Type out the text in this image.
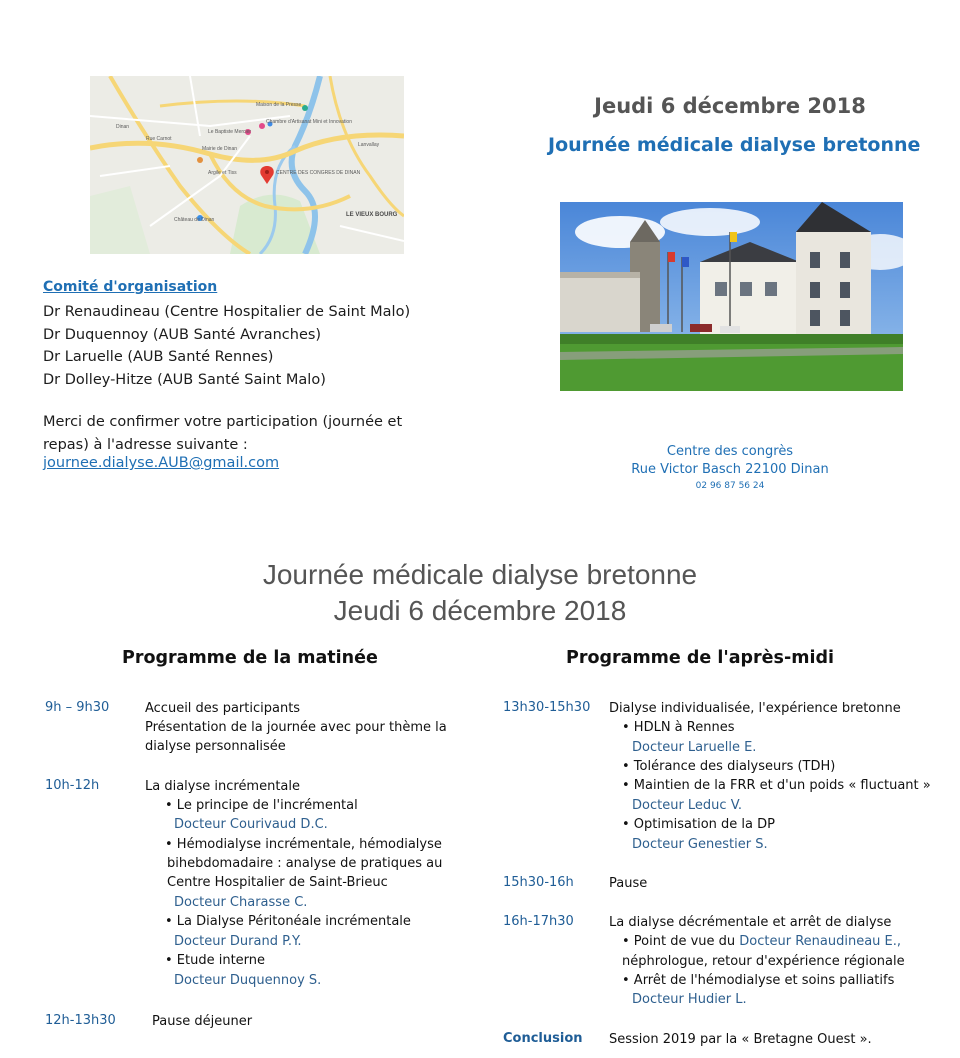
Maison de la Presse
Chambre d'Artisanat Mini et Innovation
Le Baptiste Mercier
Mairie de Dinan
Argile et Tiss	CENTRE DES CONGRES DE DINAN
Château de Dinan
LE VIEUX BOURG
Lanvallay
Dinan
Rue Carnot
Jeudi 6 décembre 2018
Journée médicale dialyse bretonne
Comité d'organisation
Dr Renaudineau (Centre Hospitalier de Saint Malo)
Dr Duquennoy (AUB Santé Avranches)
Dr Laruelle (AUB Santé Rennes)
Dr Dolley-Hitze (AUB Santé Saint Malo)
Merci de confirmer votre participation (journée et repas) à l'adresse suivante :
journee.dialyse.AUB@gmail.com
Centre des congrès
Rue Victor Basch 22100 Dinan
02 96 87 56 24
Journée médicale dialyse bretonne
Jeudi 6 décembre 2018
Programme de la matinée
9h – 9h30	Accueil des participants
Présentation de la journée avec pour thème la
dialyse personnalisée
10h-12h	La dialyse incrémentale
• Le principe de l'incrémental
Docteur Courivaud D.C.
• Hémodialyse incrémentale, hémodialyse
bihebdomadaire : analyse de pratiques au
Centre Hospitalier de Saint-Brieuc
Docteur Charasse C.
• La Dialyse Péritonéale incrémentale
Docteur Durand P.Y.
• Etude interne
Docteur Duquennoy S.
12h-13h30	Pause déjeuner
Programme de l'après-midi
13h30-15h30 Dialyse individualisée, l'expérience bretonne
• HDLN à Rennes
Docteur Laruelle E.
• Tolérance des dialyseurs (TDH)
• Maintien de la FRR et d'un poids « fluctuant »
Docteur Leduc V.
• Optimisation de la DP
Docteur Genestier S.
15h30-16h	Pause
16h-17h30	La dialyse décrémentale et arrêt de dialyse
• Point de vue du Docteur Renaudineau E.,
néphrologue, retour d'expérience régionale
• Arrêt de l'hémodialyse et soins palliatifs
Docteur Hudier L.
Conclusion Session 2019 par la « Bretagne Ouest ».
